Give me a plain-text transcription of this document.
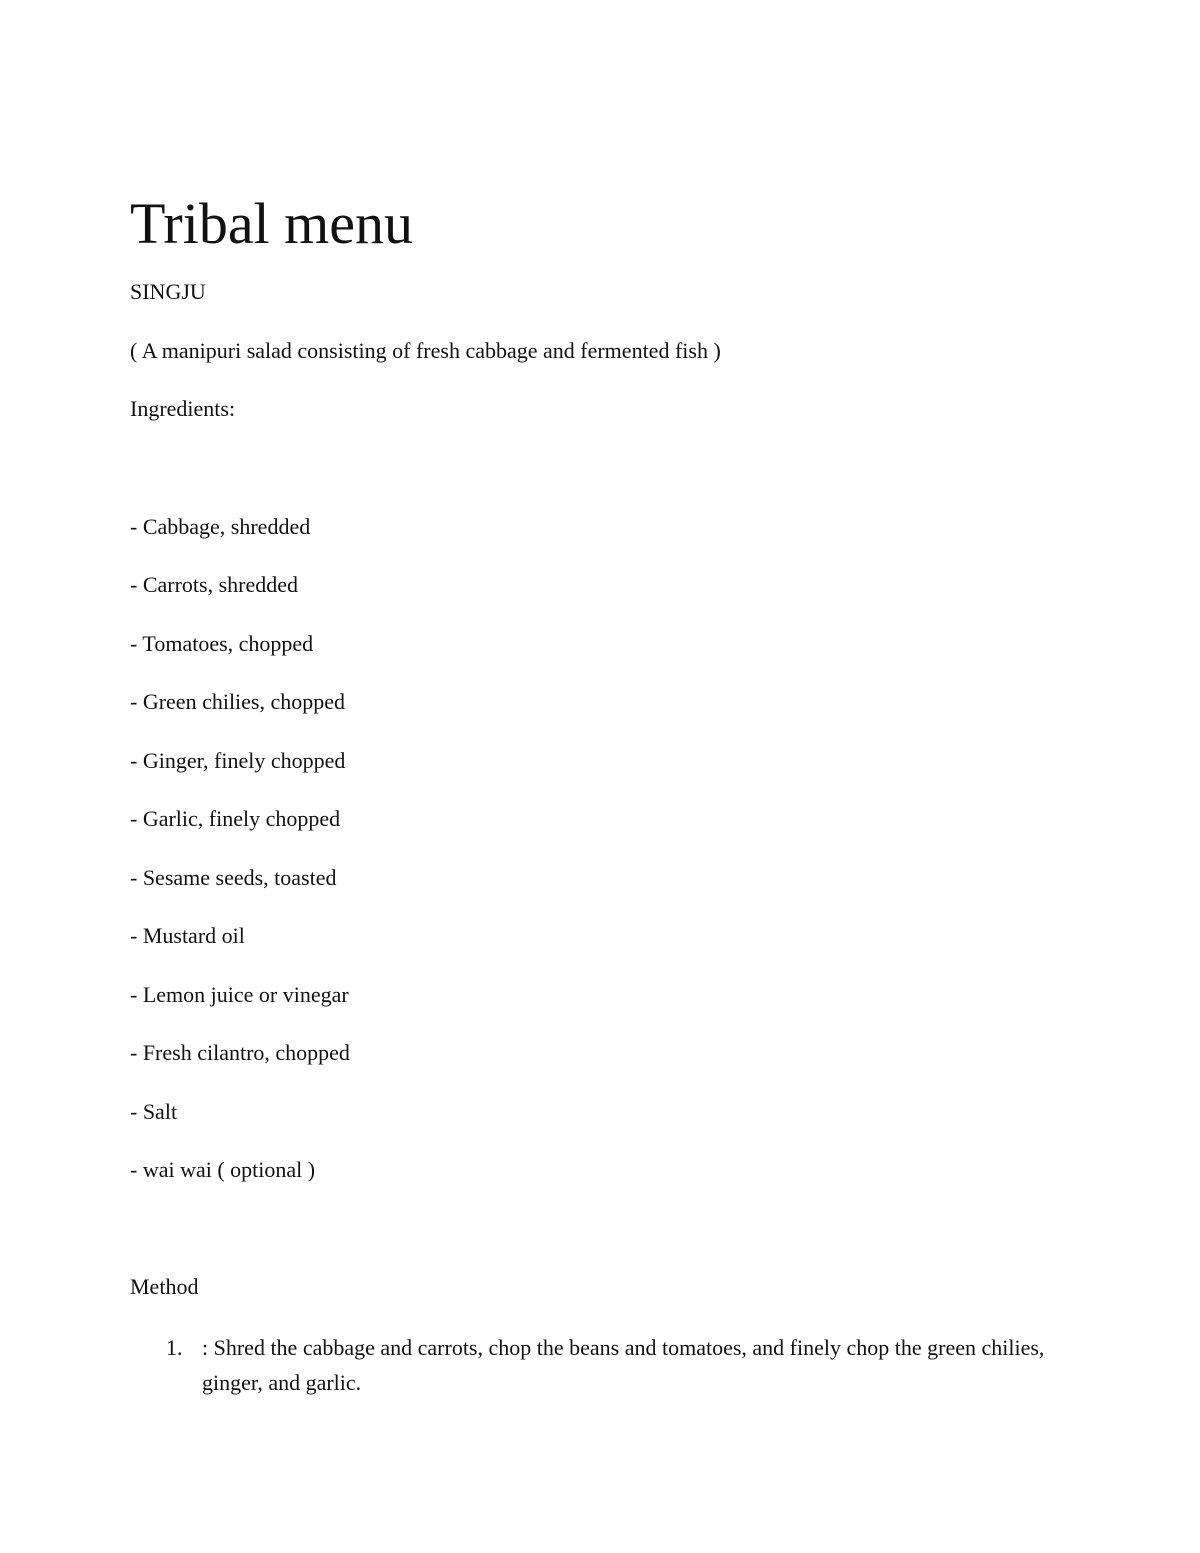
Tribal menu

SINGJU

( A manipuri salad consisting of fresh cabbage and fermented fish )

Ingredients:

- Cabbage, shredded

- Carrots, shredded

- Tomatoes, chopped

- Green chilies, chopped

- Ginger, finely chopped

- Garlic, finely chopped

- Sesame seeds, toasted

- Mustard oil

- Lemon juice or vinegar

- Fresh cilantro, chopped

- Salt

- wai wai ( optional )

Method

1. : Shred the cabbage and carrots, chop the beans and tomatoes, and finely chop the green chilies, ginger, and garlic.
